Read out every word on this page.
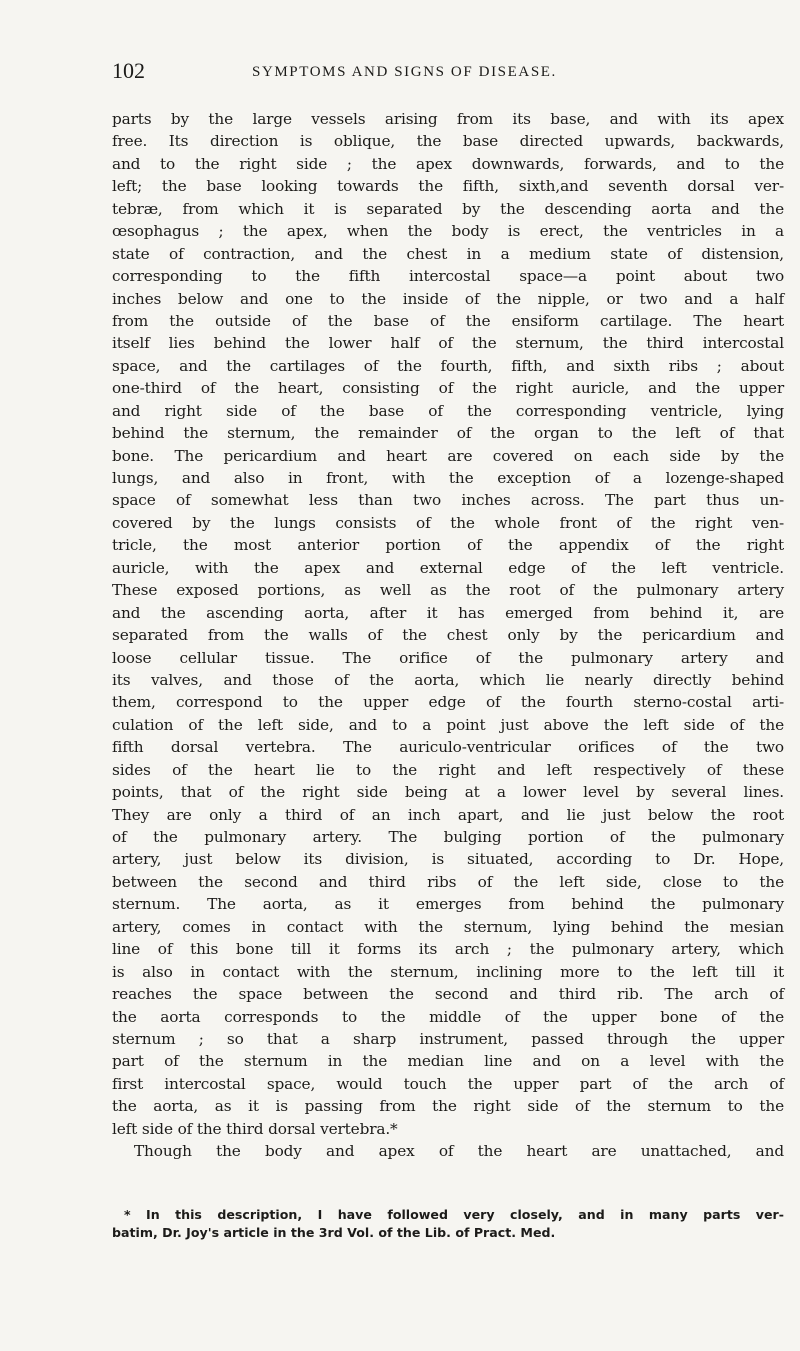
102	SYMPTOMS AND SIGNS OF DISEASE.
parts by the large vessels arising from its base, and with its apex
free. Its direction is oblique, the base directed upwards, backwards,
and to the right side ; the apex downwards, forwards, and to the
left; the base looking towards the fifth, sixth,and seventh dorsal ver-
tebræ, from which it is separated by the descending aorta and the
œsophagus ; the apex, when the body is erect, the ventricles in a
state of contraction, and the chest in a medium state of distension,
corresponding to the fifth intercostal space—a point about two
inches below and one to the inside of the nipple, or two and a half
from the outside of the base of the ensiform cartilage. The heart
itself lies behind the lower half of the sternum, the third intercostal
space, and the cartilages of the fourth, fifth, and sixth ribs ; about
one-third of the heart, consisting of the right auricle, and the upper
and right side of the base of the corresponding ventricle, lying
behind the sternum, the remainder of the organ to the left of that
bone. The pericardium and heart are covered on each side by the
lungs, and also in front, with the exception of a lozenge-shaped
space of somewhat less than two inches across. The part thus un-
covered by the lungs consists of the whole front of the right ven-
tricle, the most anterior portion of the appendix of the right
auricle, with the apex and external edge of the left ventricle.
These exposed portions, as well as the root of the pulmonary artery
and the ascending aorta, after it has emerged from behind it, are
separated from the walls of the chest only by the pericardium and
loose cellular tissue. The orifice of the pulmonary artery and
its valves, and those of the aorta, which lie nearly directly behind
them, correspond to the upper edge of the fourth sterno-costal arti-
culation of the left side, and to a point just above the left side of the
fifth dorsal vertebra. The auriculo-ventricular orifices of the two
sides of the heart lie to the right and left respectively of these
points, that of the right side being at a lower level by several lines.
They are only a third of an inch apart, and lie just below the root
of the pulmonary artery. The bulging portion of the pulmonary
artery, just below its division, is situated, according to Dr. Hope,
between the second and third ribs of the left side, close to the
sternum. The aorta, as it emerges from behind the pulmonary
artery, comes in contact with the sternum, lying behind the mesian
line of this bone till it forms its arch ; the pulmonary artery, which
is also in contact with the sternum, inclining more to the left till it
reaches the space between the second and third rib. The arch of
the aorta corresponds to the middle of the upper bone of the
sternum ; so that a sharp instrument, passed through the upper
part of the sternum in the median line and on a level with the
first intercostal space, would touch the upper part of the arch of
the aorta, as it is passing from the right side of the sternum to the
left side of the third dorsal vertebra.*
Though the body and apex of the heart are unattached, and
* In this description, I have followed very closely, and in many parts ver-
batim, Dr. Joy's article in the 3rd Vol. of the Lib. of Pract. Med.
